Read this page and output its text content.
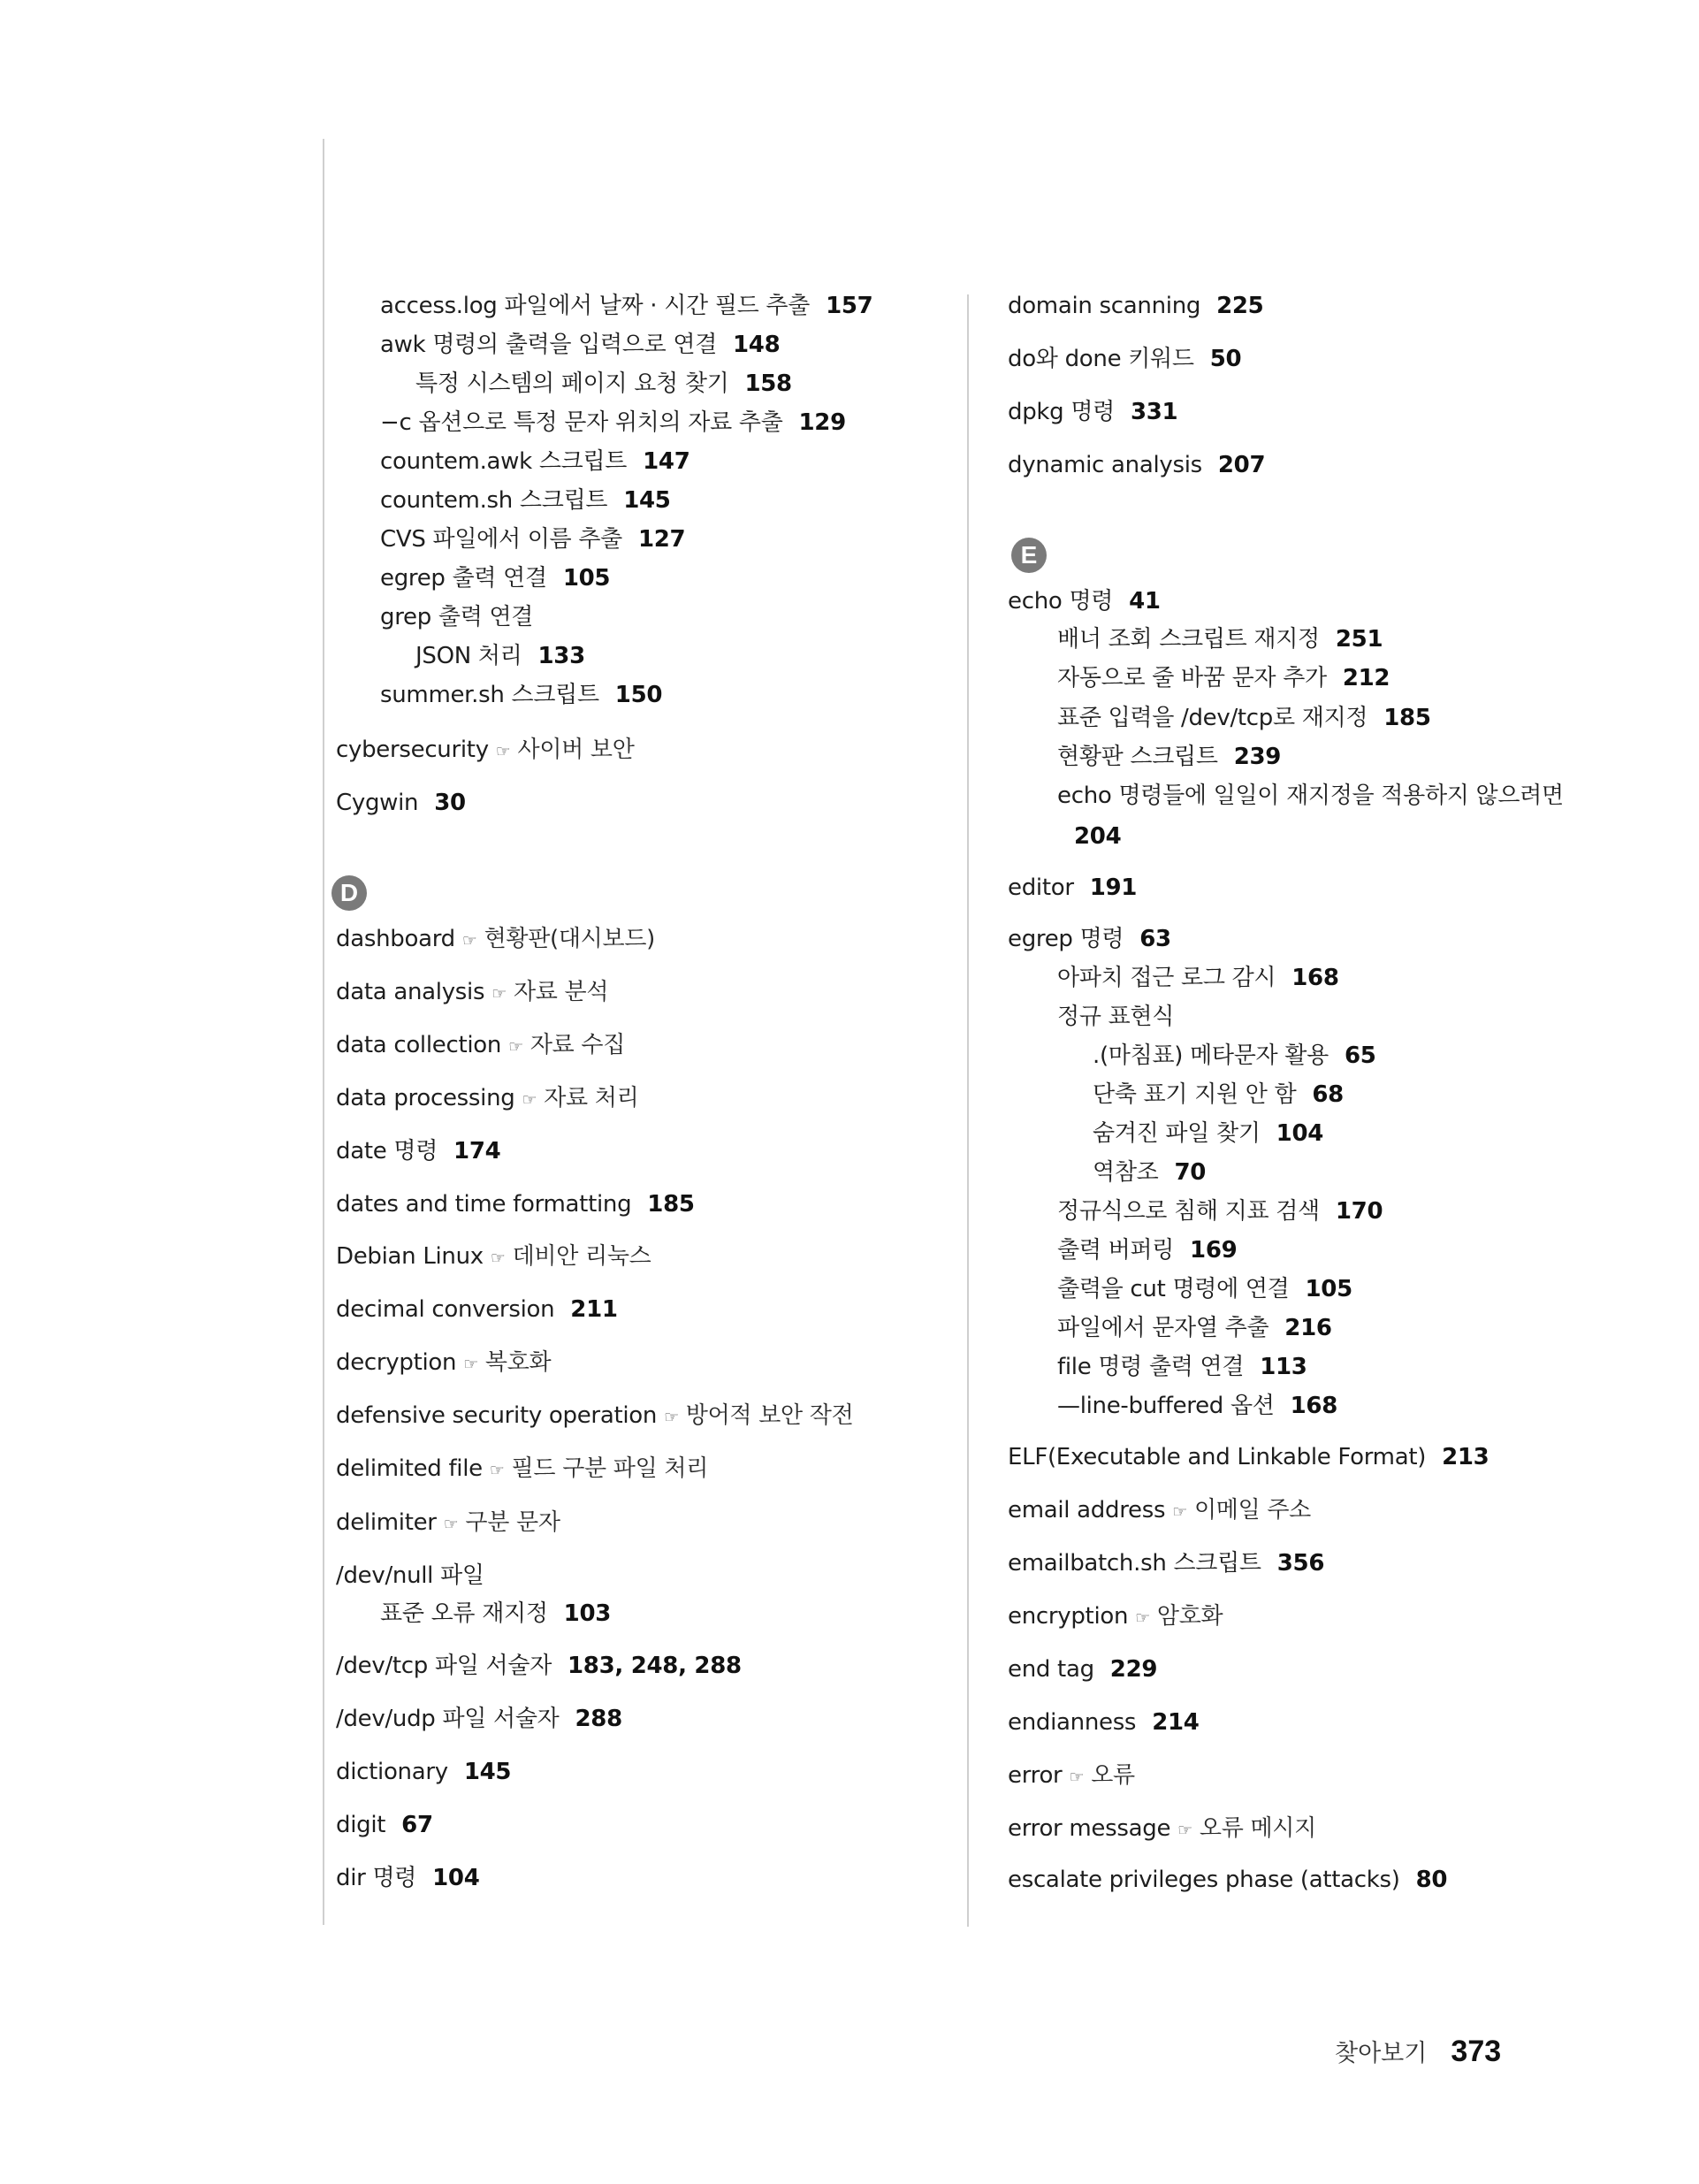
access.log 파일에서 날짜 · 시간 필드 추출 157
awk 명령의 출력을 입력으로 연결 148
특정 시스템의 페이지 요청 찾기 158
−c 옵션으로 특정 문자 위치의 자료 추출 129
countem.awk 스크립트 147
countem.sh 스크립트 145
CVS 파일에서 이름 추출 127
egrep 출력 연결 105
grep 출력 연결
JSON 처리 133
summer.sh 스크립트 150
cybersecurity ☞ 사이버 보안
Cygwin 30
D
dashboard ☞ 현황판(대시보드)
data analysis ☞ 자료 분석
data collection ☞ 자료 수집
data processing ☞ 자료 처리
date 명령 174
dates and time formatting 185
Debian Linux ☞ 데비안 리눅스
decimal conversion 211
decryption ☞ 복호화
defensive security operation ☞ 방어적 보안 작전
delimited file ☞ 필드 구분 파일 처리
delimiter ☞ 구분 문자
/dev/null 파일
표준 오류 재지정 103
/dev/tcp 파일 서술자 183, 248, 288
/dev/udp 파일 서술자 288
dictionary 145
digit 67
dir 명령 104
domain scanning 225
do와 done 키워드 50
dpkg 명령 331
dynamic analysis 207
E
echo 명령 41
배너 조회 스크립트 재지정 251
자동으로 줄 바꿈 문자 추가 212
표준 입력을 /dev/tcp로 재지정 185
현황판 스크립트 239
echo 명령들에 일일이 재지정을 적용하지 않으려면
204
editor 191
egrep 명령 63
아파치 접근 로그 감시 168
정규 표현식
.(마침표) 메타문자 활용 65
단축 표기 지원 안 함 68
숨겨진 파일 찾기 104
역참조 70
정규식으로 침해 지표 검색 170
출력 버퍼링 169
출력을 cut 명령에 연결 105
파일에서 문자열 추출 216
file 명령 출력 연결 113
—line-buffered 옵션 168
ELF(Executable and Linkable Format) 213
email address ☞ 이메일 주소
emailbatch.sh 스크립트 356
encryption ☞ 암호화
end tag 229
endianness 214
error ☞ 오류
error message ☞ 오류 메시지
escalate privileges phase (attacks) 80
찾아보기 373
